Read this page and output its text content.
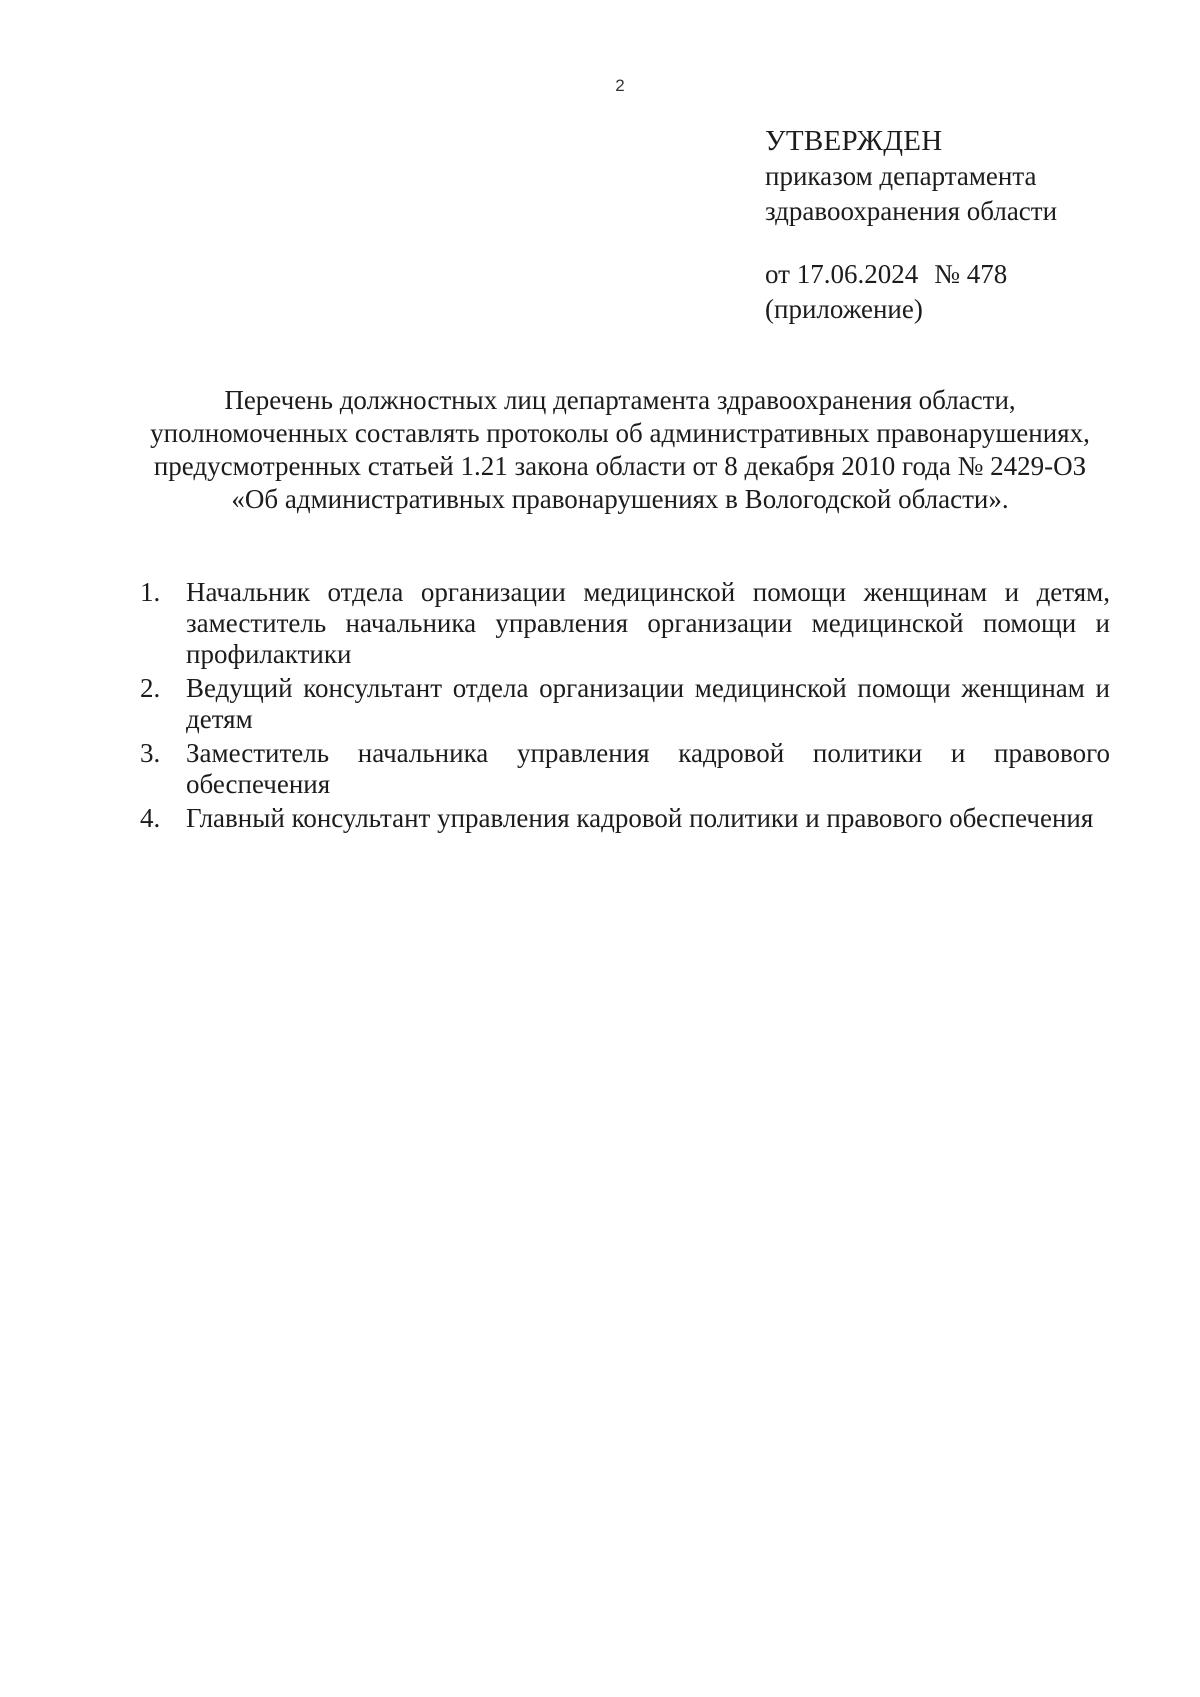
2
УТВЕРЖДЕН
приказом департамента
здравоохранения области
от 17.06.2024 № 478
(приложение)
Перечень должностных лиц департамента здравоохранения области,
уполномоченных составлять протоколы об административных правонарушениях,
предусмотренных статьей 1.21 закона области от 8 декабря 2010 года № 2429-ОЗ
«Об административных правонарушениях в Вологодской области».
1. Начальник отдела организации медицинской помощи женщинам и детям, заместитель начальника управления организации медицинской помощи и профилактики
2. Ведущий консультант отдела организации медицинской помощи женщинам и детям
3. Заместитель начальника управления кадровой политики и правового обеспечения
4. Главный консультант управления кадровой политики и правового обеспечения
